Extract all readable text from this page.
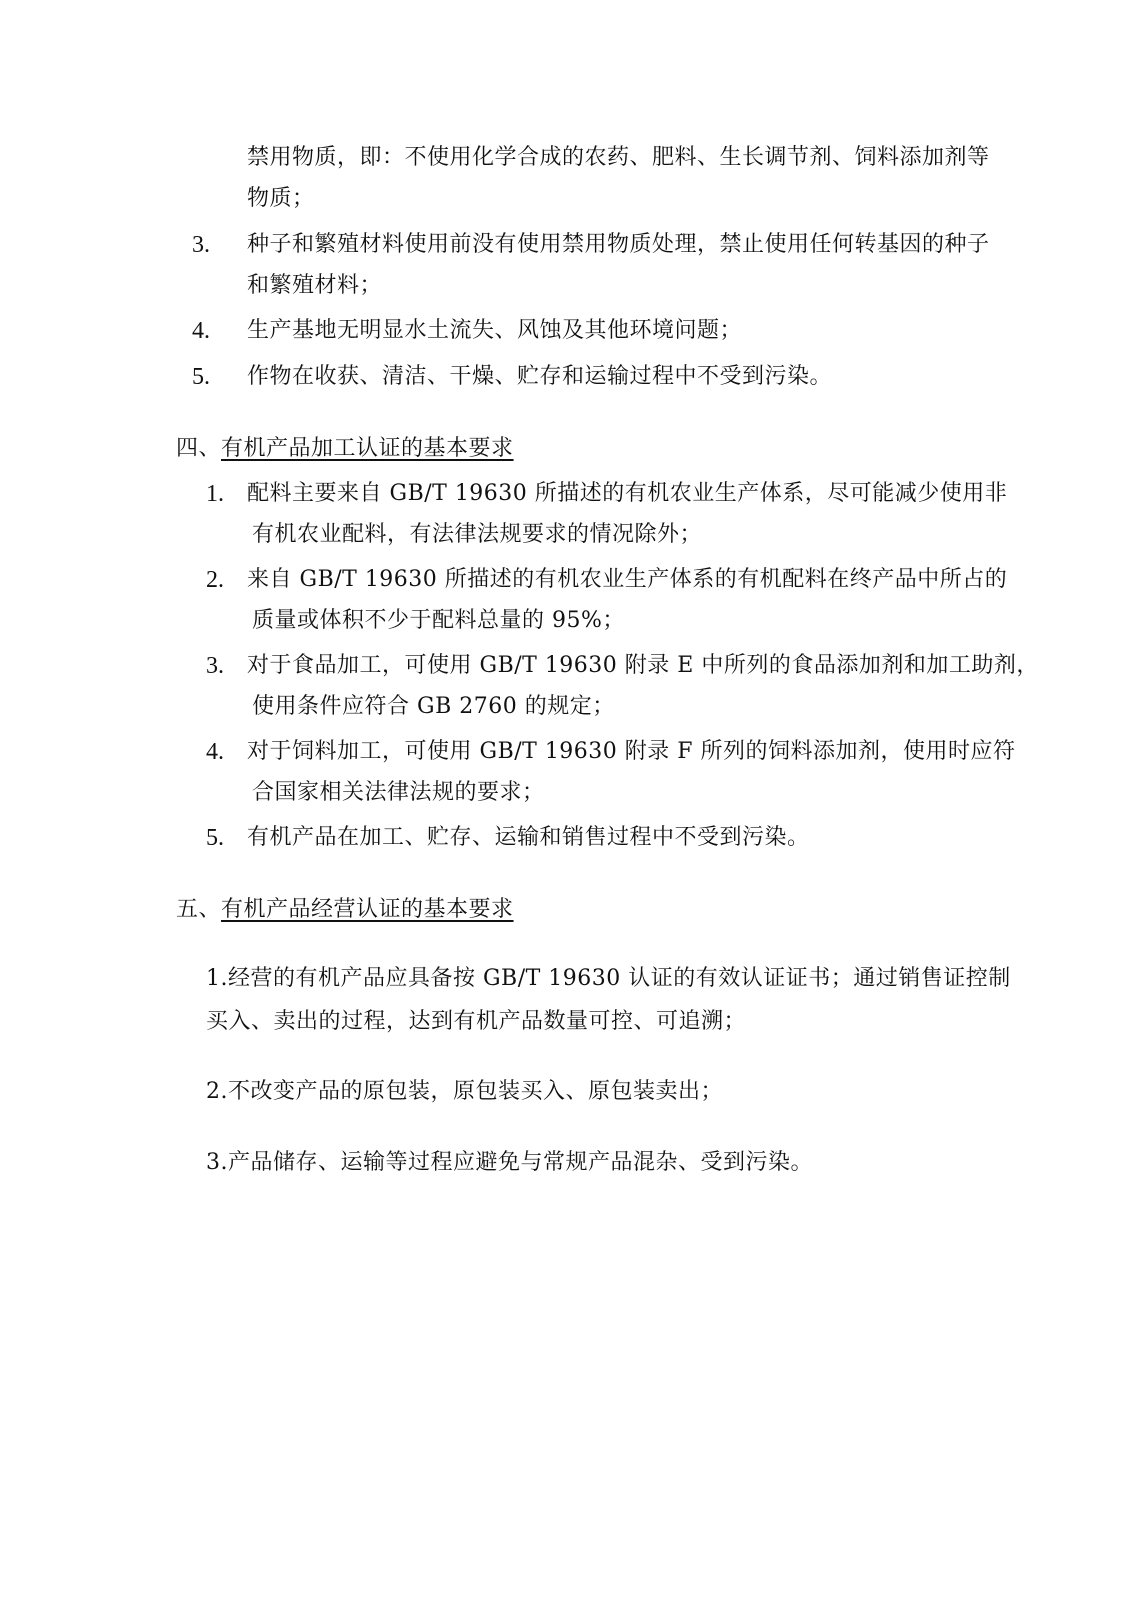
禁用物质，即：不使用化学合成的农药、肥料、生长调节剂、饲料添加剂等
物质；
3. 种子和繁殖材料使用前没有使用禁用物质处理，禁止使用任何转基因的种子
和繁殖材料；
4. 生产基地无明显水土流失、风蚀及其他环境问题；
5. 作物在收获、清洁、干燥、贮存和运输过程中不受到污染。
四、有机产品加工认证的基本要求
1. 配料主要来自 GB/T 19630 所描述的有机农业生产体系，尽可能减少使用非
有机农业配料，有法律法规要求的情况除外；
2. 来自 GB/T 19630 所描述的有机农业生产体系的有机配料在终产品中所占的
质量或体积不少于配料总量的 95%；
3. 对于食品加工，可使用 GB/T 19630 附录 E 中所列的食品添加剂和加工助剂，
使用条件应符合 GB 2760 的规定；
4. 对于饲料加工，可使用 GB/T 19630 附录 F 所列的饲料添加剂，使用时应符
合国家相关法律法规的要求；
5. 有机产品在加工、贮存、运输和销售过程中不受到污染。
五、有机产品经营认证的基本要求
1.经营的有机产品应具备按 GB/T 19630 认证的有效认证证书；通过销售证控制
买入、卖出的过程，达到有机产品数量可控、可追溯；
2.不改变产品的原包装，原包装买入、原包装卖出；
3.产品储存、运输等过程应避免与常规产品混杂、受到污染。
